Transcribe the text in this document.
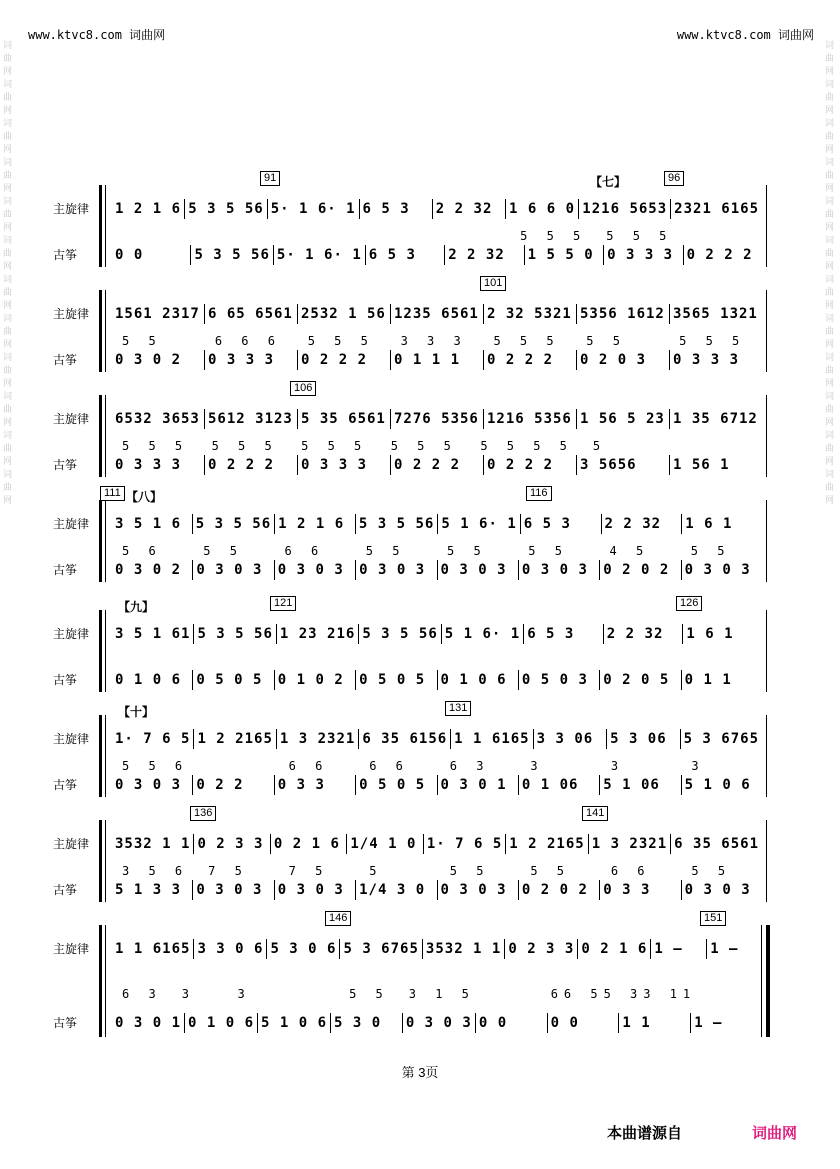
www.ktvc8.com 词曲网	www.ktvc8.com 词曲网
词曲网词曲网词曲网词曲网词曲网词曲网词曲网词曲网词曲网词曲网词曲网词曲网
词曲网词曲网词曲网词曲网词曲网词曲网词曲网词曲网词曲网词曲网词曲网词曲网
91	96
【七】
主旋律	1 2 1 6 5 3 5 56 5· 1 6· 1 6 5 3	2 2 32	1 6 6 0 1216 5653 2321 6165
5 5 5	5 5 5
古筝	0 0	5 3 5 56 5· 1 6· 1 6 5 3	2 2 32	1 5 5 0 0 3 3 3 0 2 2 2
101
主旋律	1561 2317 6 65 6561 2532 1 56 1235 6561 2 32 5321 5356 1612 3565 1321
5 5	6 6 6	5 5 5	3 3 3	5 5 5	5 5	5 5 5
古筝	0 3 0 2	0 3 3 3	0 2 2 2	0 1 1 1	0 2 2 2	0 2 0 3	0 3 3 3
106
主旋律	6532 3653 5612 3123 5 35 6561 7276 5356 1216 5356 1 56 5 23 1 35 6712
5 5 5	5 5 5	5 5 5	5 5 5	5 5 5 5	5
古筝	0 3 3 3	0 2 2 2	0 3 3 3	0 2 2 2	0 2 2 2	3 5656	1 56 1
111	116
【八】
主旋律	3 5 1 6	5 3 5 56 1 2 1 6	5 3 5 56 5 1 6· 1 6 5 3	2 2 32	1 6 1
5 6	5 5	6 6	5 5	5 5	5 5	4 5	5 5
古筝	0 3 0 2	0 3 0 3	0 3 0 3	0 3 0 3	0 3 0 3	0 3 0 3	0 2 0 2	0 3 0 3
121	126
【九】
主旋律	3 5 1 61 5 3 5 56 1 23 216 5 3 5 56 5 1 6· 1 6 5 3	2 2 32	1 6 1
古筝	0 1 0 6	0 5 0 5	0 1 0 2	0 5 0 5	0 1 0 6	0 5 0 3	0 2 0 5	0 1 1
131
【十】
主旋律	1· 7 6 5 1 2 2165 1 3 2321 6 35 6156 1 1 6165 3 3 06	5 3 06	5 3 6765
5 5 6	6 6	6 6	6 3	3	3	3
古筝	0 3 0 3	0 2 2	0 3 3	0 5 0 5	0 3 0 1	0 1 06	5 1 06	5 1 0 6
136	141
主旋律	3532 1 1 0 2 3 3 0 2 1 6 1/4 1 0 1· 7 6 5 1 2 2165 1 3 2321 6 35 6561
3 5 6	7 5	7 5	5	5 5	5 5	6 6	5 5
古筝	5 1 3 3	0 3 0 3	0 3 0 3	1/4 3 0	0 3 0 3	0 2 0 2	0 3 3	0 3 0 3
146	151
主旋律	1 1 6165 3 3 0 6 5 3 0 6 5 3 6765 3532 1 1 0 2 3 3 0 2 1 6 1 –	1 –
6 3	3	3	5 5	3 1 5	66 55 33 11
古筝	0 3 0 1 0 1 0 6 5 1 0 6 5 3 0	0 3 0 3 0 0	0 0	1 1	1 –
第 3页
本曲谱源自	词曲网
